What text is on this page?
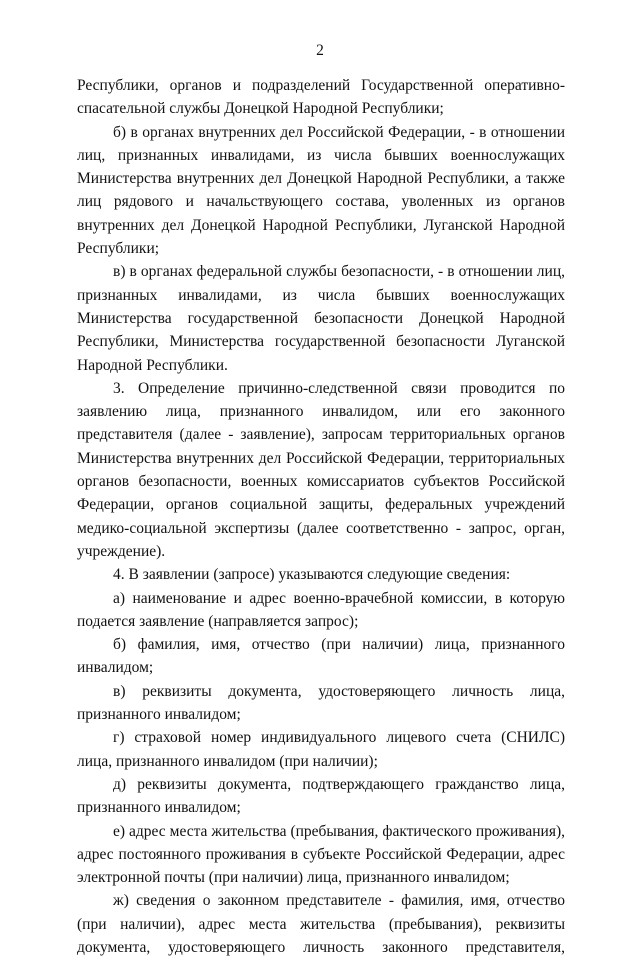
2

Республики, органов и подразделений Государственной оперативно-спасательной службы Донецкой Народной Республики;

б) в органах внутренних дел Российской Федерации, - в отношении лиц, признанных инвалидами, из числа бывших военнослужащих Министерства внутренних дел Донецкой Народной Республики, а также лиц рядового и начальствующего состава, уволенных из органов внутренних дел Донецкой Народной Республики, Луганской Народной Республики;

в) в органах федеральной службы безопасности, - в отношении лиц, признанных инвалидами, из числа бывших военнослужащих Министерства государственной безопасности Донецкой Народной Республики, Министерства государственной безопасности Луганской Народной Республики.

3. Определение причинно-следственной связи проводится по заявлению лица, признанного инвалидом, или его законного представителя (далее - заявление), запросам территориальных органов Министерства внутренних дел Российской Федерации, территориальных органов безопасности, военных комиссариатов субъектов Российской Федерации, органов социальной защиты, федеральных учреждений медико-социальной экспертизы (далее соответственно - запрос, орган, учреждение).

4. В заявлении (запросе) указываются следующие сведения:

а) наименование и адрес военно-врачебной комиссии, в которую подается заявление (направляется запрос);

б) фамилия, имя, отчество (при наличии) лица, признанного инвалидом;

в) реквизиты документа, удостоверяющего личность лица, признанного инвалидом;

г) страховой номер индивидуального лицевого счета (СНИЛС) лица, признанного инвалидом (при наличии);

д) реквизиты документа, подтверждающего гражданство лица, признанного инвалидом;

е) адрес места жительства (пребывания, фактического проживания), адрес постоянного проживания в субъекте Российской Федерации, адрес электронной почты (при наличии) лица, признанного инвалидом;

ж) сведения о законном представителе - фамилия, имя, отчество (при наличии), адрес места жительства (пребывания), реквизиты документа, удостоверяющего личность законного представителя,
